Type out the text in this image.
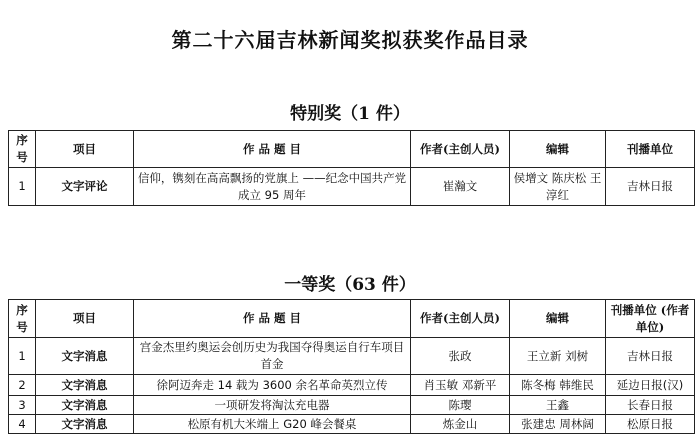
第二十六届吉林新闻奖拟获奖作品目录
特别奖（1 件）
序号	项目	作 品 题 目	作者(主创人员)	编辑	刊播单位
1	文字评论	信仰，镌刻在高高飘扬的党旗上 ——纪念中国共产党成立 95 周年	崔瀚文	侯增文 陈庆松 王淳红	吉林日报
一等奖（63 件）
序号	项目	作 品 题 目	作者(主创人员)	编辑	刊播单位 (作者单位)
1	文字消息	宫金杰里约奥运会创历史为我国夺得奥运自行车项目首金	张政	王立新 刘树	吉林日报
2	文字消息	徐阿迈奔走 14 载为 3600 余名革命英烈立传	肖玉敏 邓新平	陈冬梅 韩维民	延边日报(汉)
3	文字消息	一项研发将淘汰充电器	陈璎	王鑫	长春日报
4	文字消息	松原有机大米端上 G20 峰会餐桌	炼金山	张建忠 周林阔	松原日报
